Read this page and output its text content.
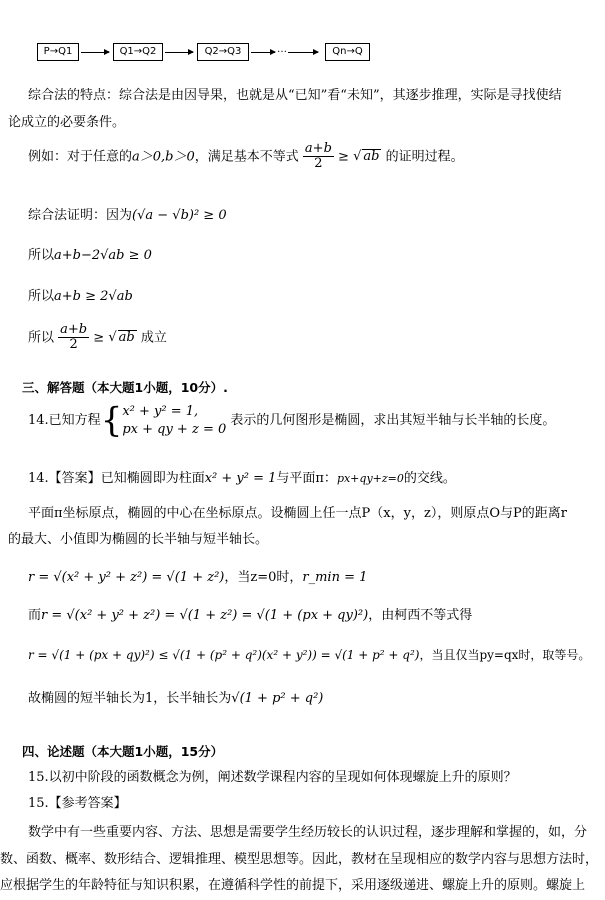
P→Q1	Q1→Q2	Q2→Q3	…	Qn→Q
综合法的特点：综合法是由因导果，也就是从“已知”看“未知”，其逐步推理，实际是寻找使结
论成立的必要条件。
例如：对于任意的a＞0,b＞0，满足基本不等式 $\frac{a+b}{2}$ ≥ √ ab 的证明过程。
综合法证明：因为(√a − √b)² ≥ 0
所以a+b−2√ab ≥ 0
所以a+b ≥ 2√ab
所以 $\frac{a+b}{2}$ ≥ √ ab 成立
三、解答题（本大题1小题，10分）.
14.已知方程{ x² + y² = 1,
px + qy + z = 0
表示的几何图形是椭圆，求出其短半轴与长半轴的长度。
14.【答案】已知椭圆即为柱面x² + y² = 1与平面π：px+qy+z=0的交线。
平面π坐标原点，椭圆的中心在坐标原点。设椭圆上任一点P（x，y，z），则原点O与P的距离r
的最大、小值即为椭圆的长半轴与短半轴长。
r = √(x² + y² + z²) = √(1 + z²)，当z=0时，r_min = 1
而r = √(x² + y² + z²) = √(1 + z²) = √(1 + (px + qy)²)，由柯西不等式得
r = √(1 + (px + qy)²) ≤ √(1 + (p² + q²)(x² + y²)) = √(1 + p² + q²)，当且仅当py=qx时，取等号。
故椭圆的短半轴长为1，长半轴长为√(1 + p² + q²)
四、论述题（本大题1小题，15分）
15.以初中阶段的函数概念为例，阐述数学课程内容的呈现如何体现螺旋上升的原则？
15.【参考答案】
数学中有一些重要内容、方法、思想是需要学生经历较长的认识过程，逐步理解和掌握的，如，分
数、函数、概率、数形结合、逻辑推理、模型思想等。因此，教材在呈现相应的数学内容与思想方法时，
应根据学生的年龄特征与知识积累，在遵循科学性的前提下，采用逐级递进、螺旋上升的原则。螺旋上
